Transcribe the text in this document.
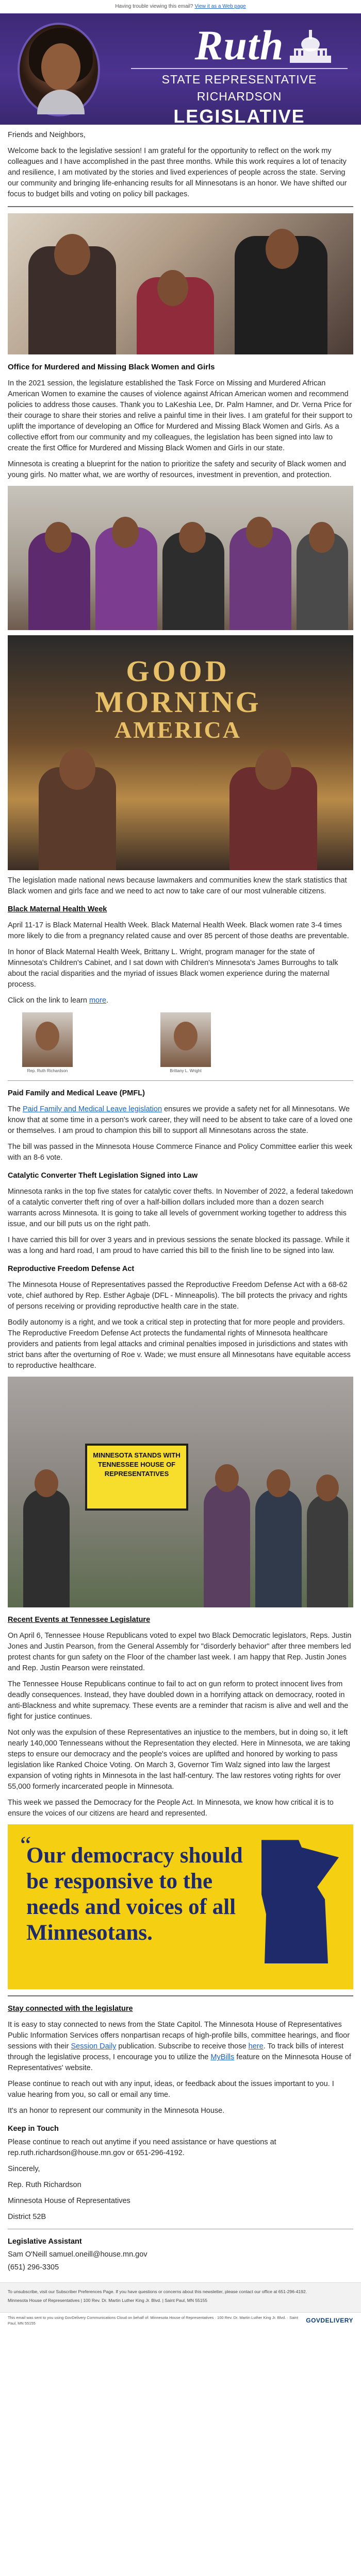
Having trouble viewing this email? View it as a Web page
Ruth
STATE REPRESENTATIVE RICHARDSON
LEGISLATIVE UPDATES

Friends and Neighbors,

Welcome back to the legislative session! I am grateful for the opportunity to reflect on the work my colleagues and I have accomplished in the past three months. While this work requires a lot of tenacity and resilience, I am motivated by the stories and lived experiences of people across the state. Serving our community and bringing life-enhancing results for all Minnesotans is an honor. We have shifted our focus to budget bills and voting on policy bill packages.

Office for Murdered and Missing Black Women and Girls

In the 2021 session, the legislature established the Task Force on Missing and Murdered African American Women to examine the causes of violence against African American women and recommend policies to address those causes. Thank you to LaKeshia Lee, Dr. Palm Hamner, and Dr. Verna Price for their courage to share their stories and relive a painful time in their lives. I am grateful for their support to uplift the importance of developing an Office for Murdered and Missing Black Women and Girls. As a collective effort from our community and my colleagues, the legislation has been signed into law to create the first Office for Murdered and Missing Black Women and Girls in our state.

Minnesota is creating a blueprint for the nation to prioritize the safety and security of Black women and young girls. No matter what, we are worthy of resources, investment in prevention, and protection.

GOOD
MORNING
AMERICA

The legislation made national news because lawmakers and communities knew the stark statistics that Black women and girls face and we need to act now to take care of our most vulnerable citizens.

Black Maternal Health Week

April 11-17 is Black Maternal Health Week. Black Maternal Health Week. Black women rate 3-4 times more likely to die from a pregnancy related cause and over 85 percent of those deaths are preventable.

In honor of Black Maternal Health Week, Brittany L. Wright, program manager for the state of Minnesota's Children's Cabinet, and I sat down with Children's Minnesota's James Burroughs to talk about the racial disparities and the myriad of issues Black women experience during the maternal process.

Click on the link to learn more.

Rep. Ruth Richardson	Brittany L. Wright
Paid Family and Medical Leave (PMFL)

The Paid Family and Medical Leave legislation ensures we provide a safety net for all Minnesotans. We know that at some time in a person's work career, they will need to be absent to take care of a loved one or themselves. I am proud to champion this bill to support all Minnesotans across the state.

The bill was passed in the Minnesota House Commerce Finance and Policy Committee earlier this week with an 8-6 vote.

Catalytic Converter Theft Legislation Signed into Law

Minnesota ranks in the top five states for catalytic cover thefts. In November of 2022, a federal takedown of a catalytic converter theft ring of over a half-billion dollars included more than a dozen search warrants across Minnesota. It is going to take all levels of government working together to address this issue, and our bill puts us on the right path.

I have carried this bill for over 3 years and in previous sessions the senate blocked its passage. While it was a long and hard road, I am proud to have carried this bill to the finish line to be signed into law.

Reproductive Freedom Defense Act

The Minnesota House of Representatives passed the Reproductive Freedom Defense Act with a 68-62 vote, chief authored by Rep. Esther Agbaje (DFL - Minneapolis). The bill protects the privacy and rights of persons receiving or providing reproductive health care in the state.

Bodily autonomy is a right, and we took a critical step in protecting that for more people and providers. The Reproductive Freedom Defense Act protects the fundamental rights of Minnesota healthcare providers and patients from legal attacks and criminal penalties imposed in jurisdictions and states with strict bans after the overturning of Roe v. Wade; we must ensure all Minnesotans have equitable access to reproductive healthcare.

MINNESOTA STANDS WITH TENNESSEE HOUSE OF REPRESENTATIVES
Recent Events at Tennessee Legislature

On April 6, Tennessee House Republicans voted to expel two Black Democratic legislators, Reps. Justin Jones and Justin Pearson, from the General Assembly for "disorderly behavior" after three members led protest chants for gun safety on the Floor of the chamber last week. I am happy that Rep. Justin Jones and Rep. Justin Pearson were reinstated.

The Tennessee House Republicans continue to fail to act on gun reform to protect innocent lives from deadly consequences. Instead, they have doubled down in a horrifying attack on democracy, rooted in anti-Blackness and white supremacy. These events are a reminder that racism is alive and well and the fight for justice continues.

Not only was the expulsion of these Representatives an injustice to the members, but in doing so, it left nearly 140,000 Tennesseans without the Representation they elected. Here in Minnesota, we are taking steps to ensure our democracy and the people's voices are uplifted and honored by working to pass legislation like Ranked Choice Voting. On March 3, Governor Tim Walz signed into law the largest expansion of voting rights in Minnesota in the last half-century. The law restores voting rights for over 55,000 formerly incarcerated people in Minnesota.

This week we passed the Democracy for the People Act. In Minnesota, we know how critical it is to ensure the voices of our citizens are heard and represented.

“
Our democracy should be responsive to the needs and voices of all Minnesotans.
Stay connected with the legislature

It is easy to stay connected to news from the State Capitol. The Minnesota House of Representatives Public Information Services offers nonpartisan recaps of high-profile bills, committee hearings, and floor sessions with their Session Daily publication. Subscribe to receive those here. To track bills of interest through the legislative process, I encourage you to utilize the MyBills feature on the Minnesota House of Representatives' website.

Please continue to reach out with any input, ideas, or feedback about the issues important to you. I value hearing from you, so call or email any time.

It's an honor to represent our community in the Minnesota House.

Keep in Touch

Please continue to reach out anytime if you need assistance or have questions at rep.ruth.richardson@house.mn.gov or 651-296-4192.

Sincerely,

Rep. Ruth Richardson

Minnesota House of Representatives

District 52B

Legislative Assistant

Sam O'Neill samuel.oneill@house.mn.gov

(651) 296-3305

To unsubscribe, visit our Subscriber Preferences Page. If you have questions or concerns about this newsletter, please contact our office at 651-296-4192.

Minnesota House of Representatives | 100 Rev. Dr. Martin Luther King Jr. Blvd. | Saint Paul, MN 55155

This email was sent to you using GovDelivery Communications Cloud on behalf of: Minnesota House of Representatives · 100 Rev. Dr. Martin Luther King Jr. Blvd. · Saint Paul, MN 55155	GOVDELIVERY
